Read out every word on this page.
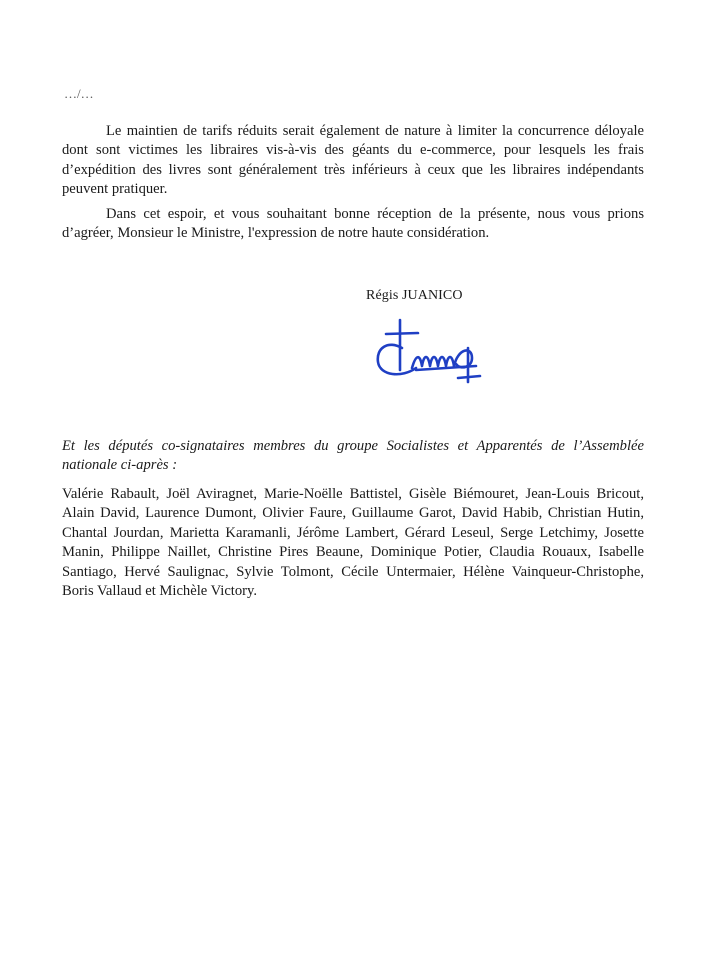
…/…

Le maintien de tarifs réduits serait également de nature à limiter la concurrence déloyale dont sont victimes les libraires vis-à-vis des géants du e-commerce, pour lesquels les frais d’expédition des livres sont généralement très inférieurs à ceux que les libraires indépendants peuvent pratiquer.

Dans cet espoir, et vous souhaitant bonne réception de la présente, nous vous prions d’agréer, Monsieur le Ministre, l'expression de notre haute considération.

Régis JUANICO

Et les députés co-signataires membres du groupe Socialistes et Apparentés de l’Assemblée nationale ci-après :

Valérie Rabault, Joël Aviragnet, Marie-Noëlle Battistel, Gisèle Biémouret, Jean-Louis Bricout, Alain David, Laurence Dumont, Olivier Faure, Guillaume Garot, David Habib, Christian Hutin, Chantal Jourdan, Marietta Karamanli, Jérôme Lambert, Gérard Leseul, Serge Letchimy, Josette Manin, Philippe Naillet, Christine Pires Beaune, Dominique Potier, Claudia Rouaux, Isabelle Santiago, Hervé Saulignac, Sylvie Tolmont, Cécile Untermaier, Hélène Vainqueur-Christophe, Boris Vallaud et Michèle Victory.
